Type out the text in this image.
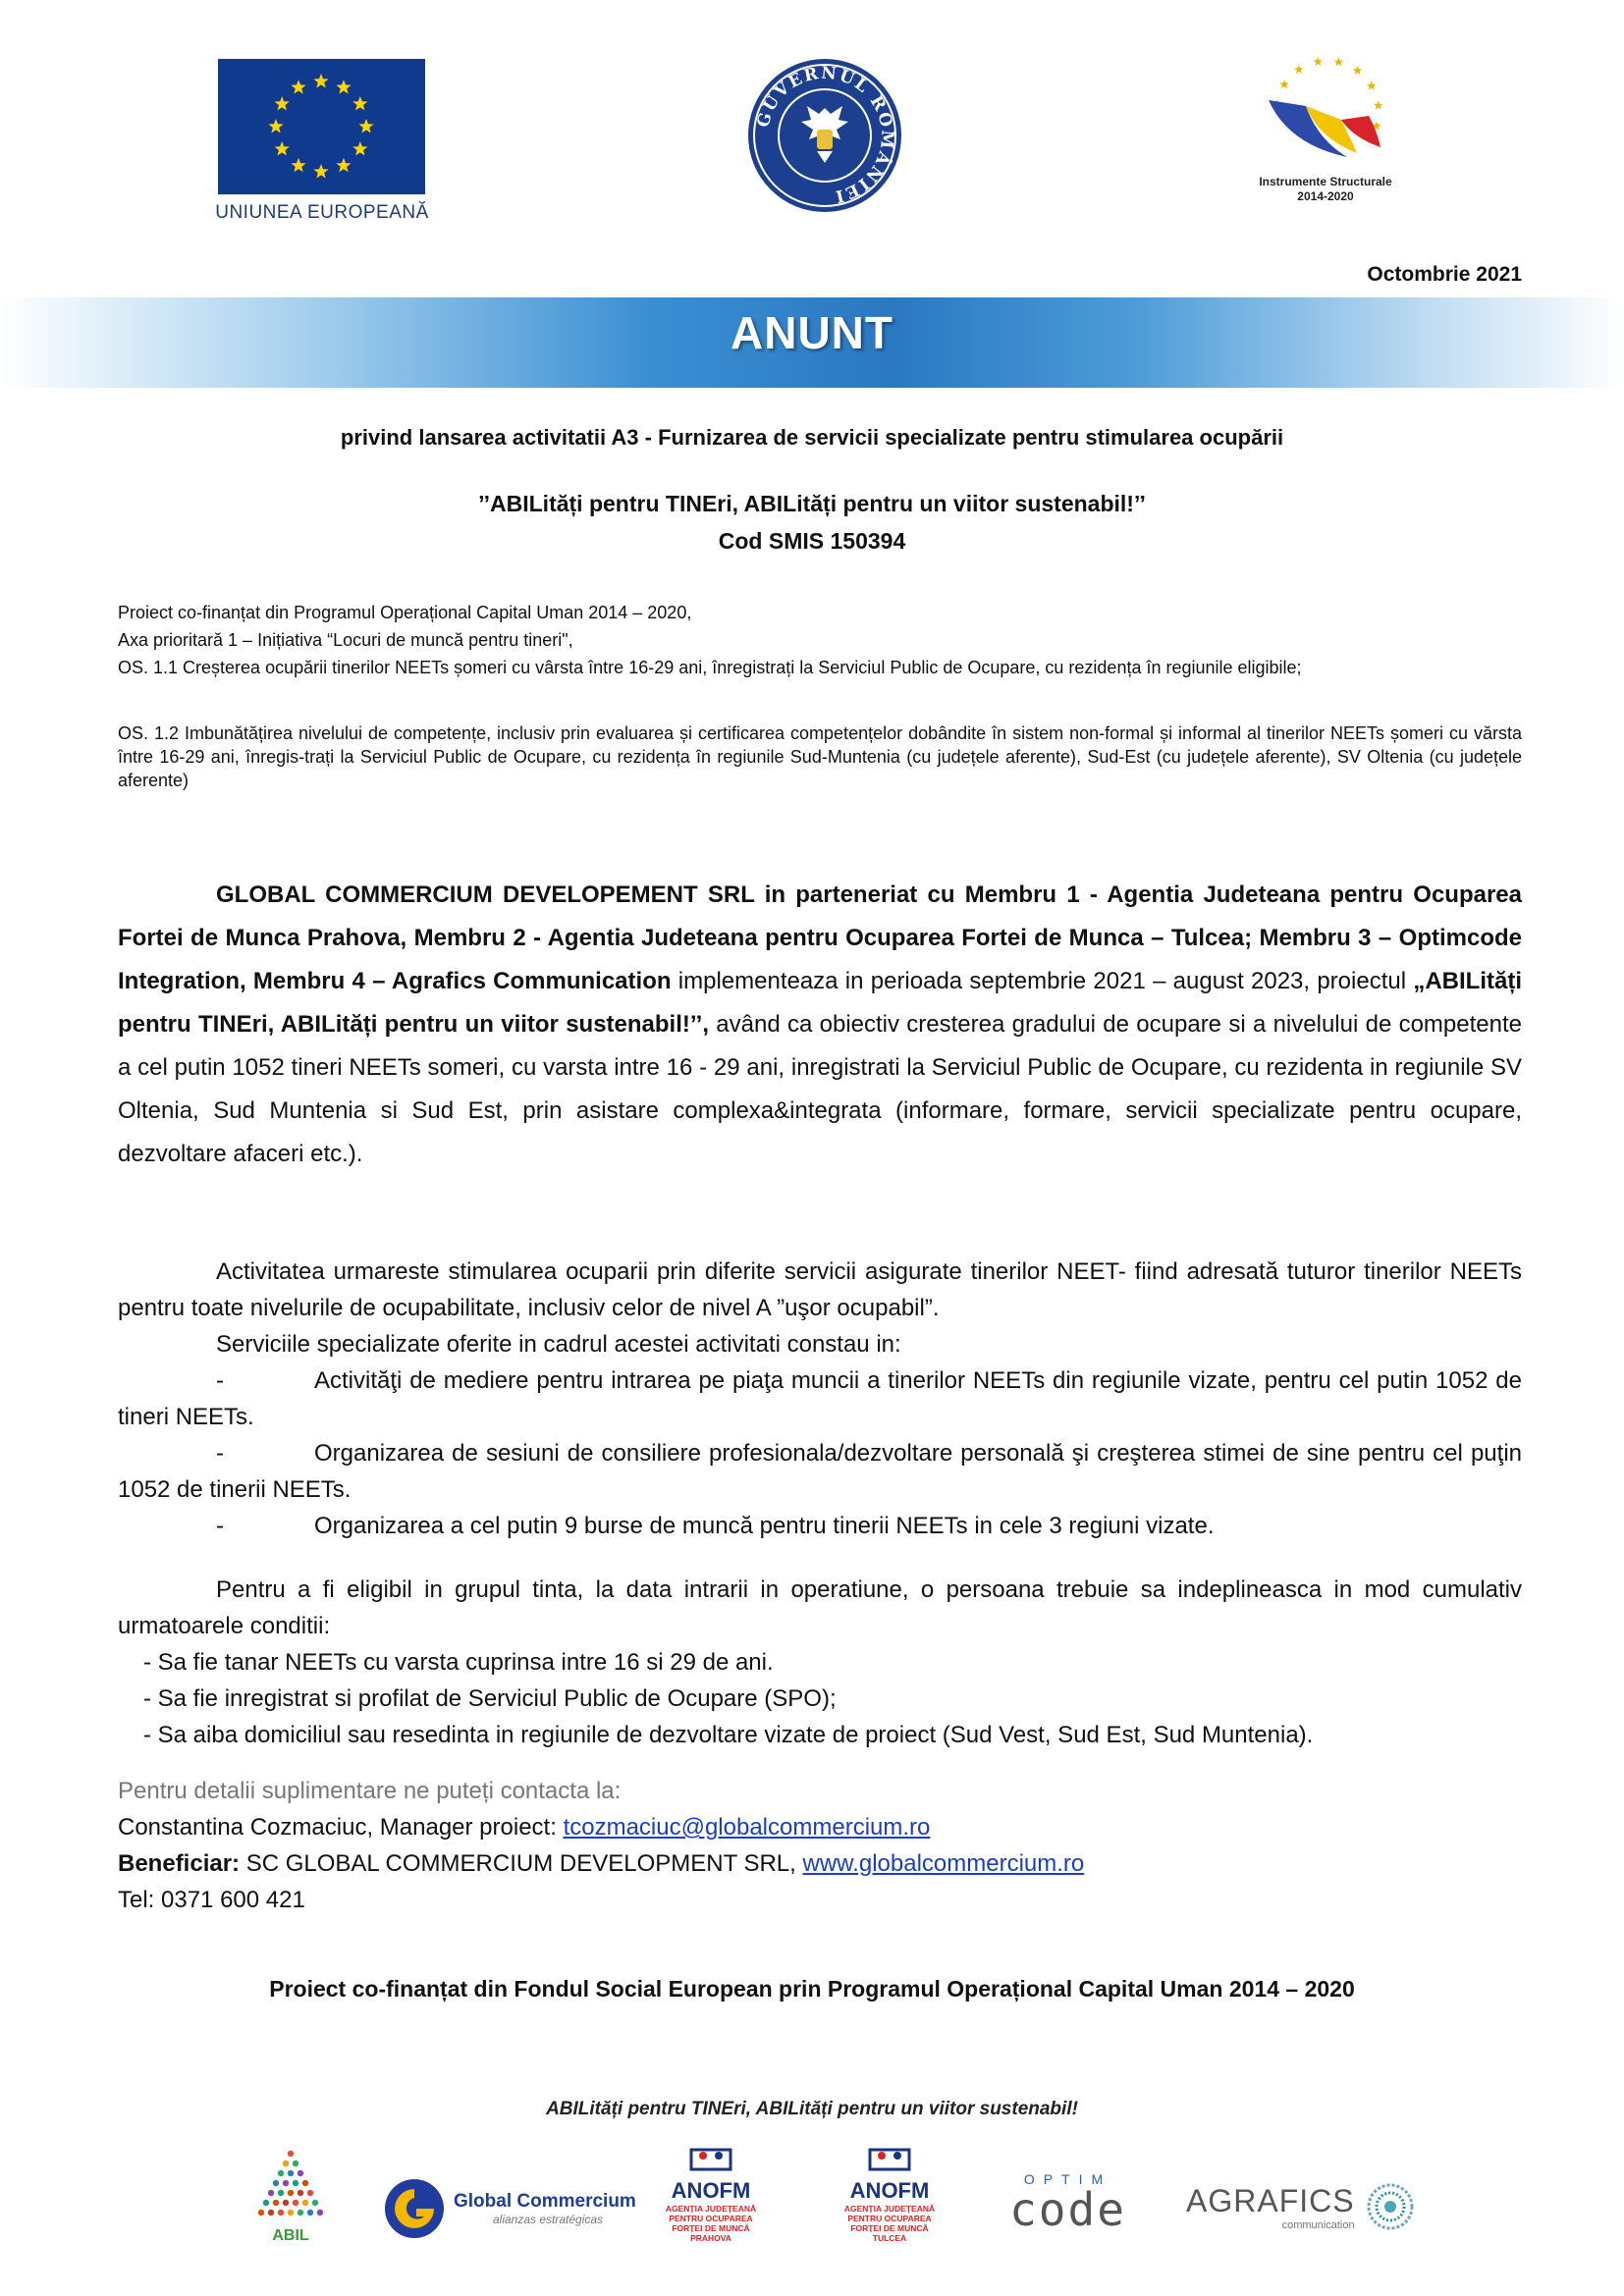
UNIUNEA EUROPEANĂ
GUVERNUL ROMÂNIEI
Instrumente Structurale
2014-2020
Octombrie 2021
ANUNT
privind lansarea activitatii A3 - Furnizarea de servicii specializate pentru stimularea ocupării
’’ABILități pentru TINEri, ABILități pentru un viitor sustenabil!’’
Cod SMIS 150394
Proiect co-finanțat din Programul Operațional Capital Uman 2014 – 2020,
Axa prioritară 1 – Inițiativa “Locuri de muncă pentru tineri",
OS. 1.1 Creșterea ocupării tinerilor NEETs șomeri cu vârsta între 16-29 ani, înregistrați la Serviciul Public de Ocupare, cu rezidența în regiunile eligibile;
OS. 1.2 Imbunătățirea nivelului de competențe, inclusiv prin evaluarea și certificarea competențelor dobândite în sistem non-formal și informal al tinerilor NEETs șomeri cu vărsta între 16-29 ani, înregis-trați la Serviciul Public de Ocupare, cu rezidența în regiunile Sud-Muntenia (cu județele aferente), Sud-Est (cu județele aferente), SV Oltenia (cu județele aferente)
GLOBAL COMMERCIUM DEVELOPEMENT SRL in parteneriat cu Membru 1 - Agentia Judeteana pentru Ocuparea Fortei de Munca Prahova, Membru 2 - Agentia Judeteana pentru Ocuparea Fortei de Munca – Tulcea; Membru 3 – Optimcode Integration, Membru 4 – Agrafics Communication implementeaza in perioada septembrie 2021 – august 2023, proiectul „ABILități pentru TINEri, ABILități pentru un viitor sustenabil!’’, având ca obiectiv cresterea gradului de ocupare si a nivelului de competente a cel putin 1052 tineri NEETs someri, cu varsta intre 16 - 29 ani, inregistrati la Serviciul Public de Ocupare, cu rezidenta in regiunile SV Oltenia, Sud Muntenia si Sud Est, prin asistare complexa&integrata (informare, formare, servicii specializate pentru ocupare, dezvoltare afaceri etc.).
Activitatea urmareste stimularea ocuparii prin diferite servicii asigurate tinerilor NEET- fiind adresată tuturor tinerilor NEETs pentru toate nivelurile de ocupabilitate, inclusiv celor de nivel A ”uşor ocupabil”.
Serviciile specializate oferite in cadrul acestei activitati constau in:
-	Activităţi de mediere pentru intrarea pe piaţa muncii a tinerilor NEETs din regiunile vizate, pentru cel putin 1052 de tineri NEETs.
-	Organizarea de sesiuni de consiliere profesionala/dezvoltare personală şi creşterea stimei de sine pentru cel puţin 1052 de tinerii NEETs.
-	Organizarea a cel putin 9 burse de muncă pentru tinerii NEETs in cele 3 regiuni vizate.
Pentru a fi eligibil in grupul tinta, la data intrarii in operatiune, o persoana trebuie sa indeplineasca in mod cumulativ urmatoarele conditii:
- Sa fie tanar NEETs cu varsta cuprinsa intre 16 si 29 de ani.
- Sa fie inregistrat si profilat de Serviciul Public de Ocupare (SPO);
- Sa aiba domiciliul sau resedinta in regiunile de dezvoltare vizate de proiect (Sud Vest, Sud Est, Sud Muntenia).
Pentru detalii suplimentare ne puteți contacta la:
Constantina Cozmaciuc, Manager proiect: tcozmaciuc@globalcommercium.ro
Beneficiar: SC GLOBAL COMMERCIUM DEVELOPMENT SRL, www.globalcommercium.ro
Tel: 0371 600 421
Proiect co-finanțat din Fondul Social European prin Programul Operațional Capital Uman 2014 – 2020
ABILități pentru TINEri, ABILități pentru un viitor sustenabil!
ABIL
Global Commercium
alianzas estratégicas
ANOFM
AGENȚIA JUDEȚEANĂ
PENTRU OCUPAREA
FORȚEI DE MUNCĂ
PRAHOVA
ANOFM
AGENȚIA JUDEȚEANĂ
PENTRU OCUPAREA
FORȚEI DE MUNCĂ
TULCEA
OPTIM
code	AGRAFICS
communication
